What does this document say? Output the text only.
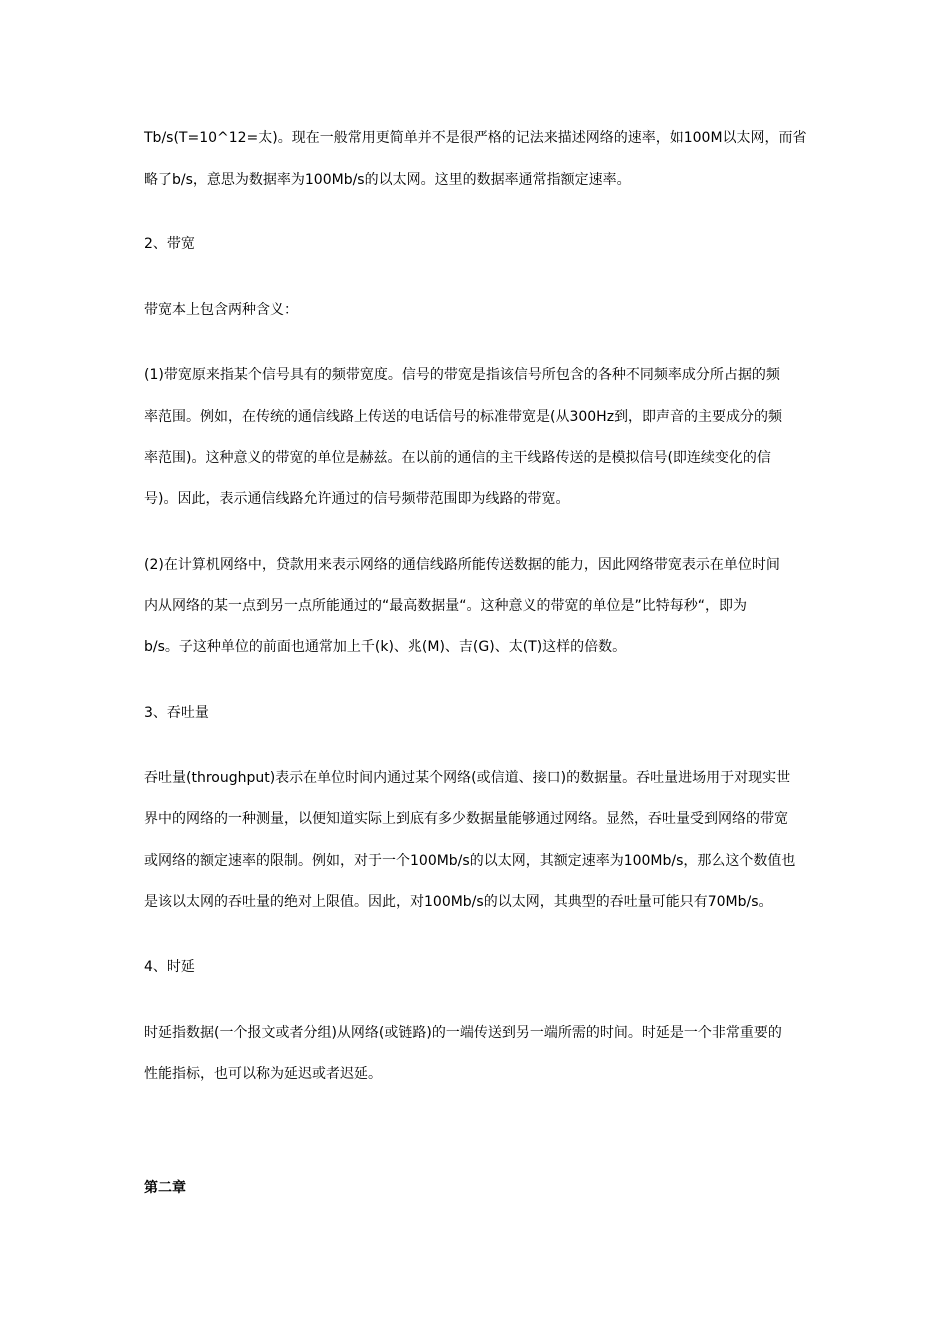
Tb/s(T=10^12=太)。现在一般常用更简单并不是很严格的记法来描述网络的速率，如100M以太网，而省
略了b/s，意思为数据率为100Mb/s的以太网。这里的数据率通常指额定速率。
2、带宽
带宽本上包含两种含义：
(1)带宽原来指某个信号具有的频带宽度。信号的带宽是指该信号所包含的各种不同频率成分所占据的频
率范围。例如，在传统的通信线路上传送的电话信号的标准带宽是(从300Hz到，即声音的主要成分的频
率范围)。这种意义的带宽的单位是赫兹。在以前的通信的主干线路传送的是模拟信号(即连续变化的信
号)。因此，表示通信线路允许通过的信号频带范围即为线路的带宽。
(2)在计算机网络中，贷款用来表示网络的通信线路所能传送数据的能力，因此网络带宽表示在单位时间
内从网络的某一点到另一点所能通过的“最高数据量“。这种意义的带宽的单位是”比特每秒“，即为
b/s。子这种单位的前面也通常加上千(k)、兆(M)、吉(G)、太(T)这样的倍数。
3、吞吐量
吞吐量(throughput)表示在单位时间内通过某个网络(或信道、接口)的数据量。吞吐量进场用于对现实世
界中的网络的一种测量，以便知道实际上到底有多少数据量能够通过网络。显然，吞吐量受到网络的带宽
或网络的额定速率的限制。例如，对于一个100Mb/s的以太网，其额定速率为100Mb/s，那么这个数值也
是该以太网的吞吐量的绝对上限值。因此，对100Mb/s的以太网，其典型的吞吐量可能只有70Mb/s。
4、时延
时延指数据(一个报文或者分组)从网络(或链路)的一端传送到另一端所需的时间。时延是一个非常重要的
性能指标，也可以称为延迟或者迟延。
第二章
